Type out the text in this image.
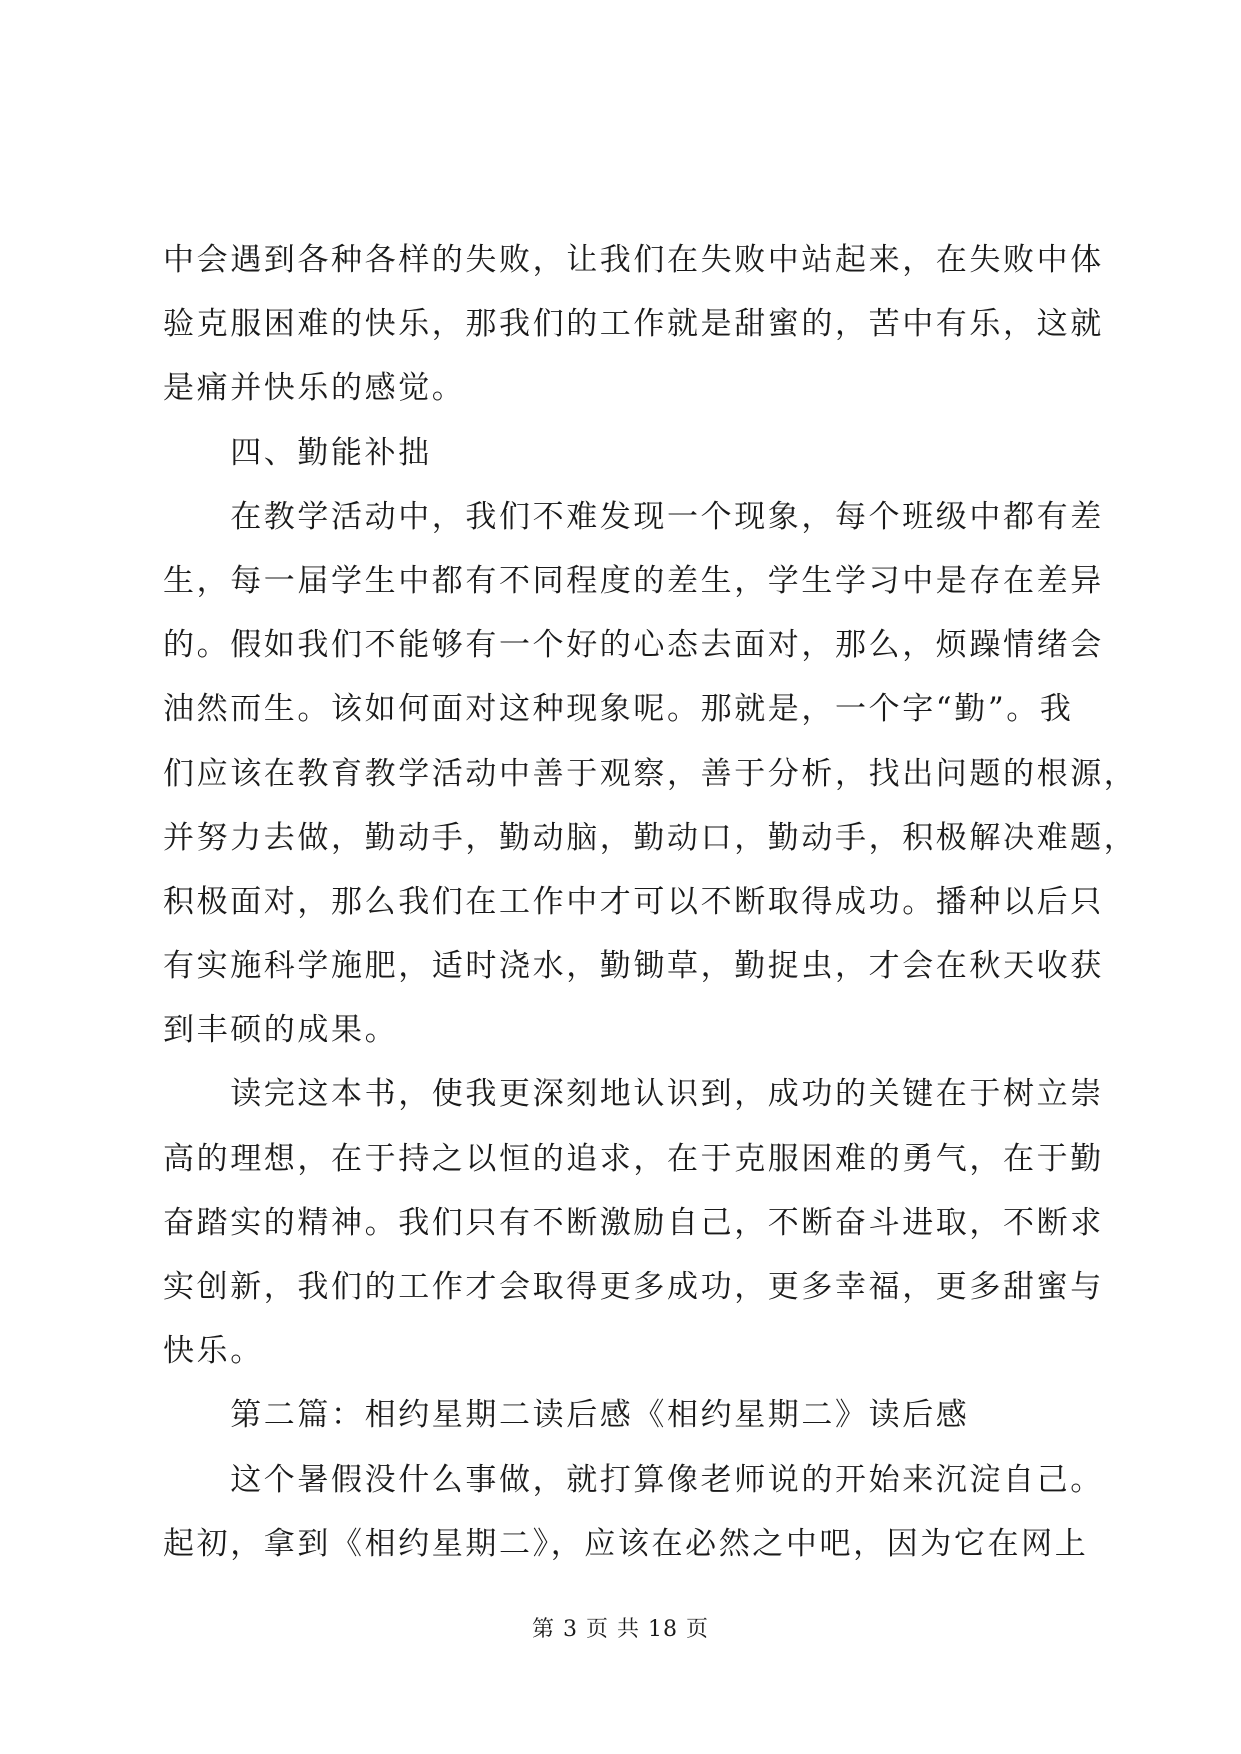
中会遇到各种各样的失败，让我们在失败中站起来，在失败中体
验克服困难的快乐，那我们的工作就是甜蜜的，苦中有乐，这就
是痛并快乐的感觉。
　　四、勤能补拙
　　在教学活动中，我们不难发现一个现象，每个班级中都有差
生，每一届学生中都有不同程度的差生，学生学习中是存在差异
的。假如我们不能够有一个好的心态去面对，那么，烦躁情绪会
油然而生。该如何面对这种现象呢。那就是，一个字“勤”。我
们应该在教育教学活动中善于观察，善于分析，找出问题的根源，
并努力去做，勤动手，勤动脑，勤动口，勤动手，积极解决难题，
积极面对，那么我们在工作中才可以不断取得成功。播种以后只
有实施科学施肥，适时浇水，勤锄草，勤捉虫，才会在秋天收获
到丰硕的成果。
　　读完这本书，使我更深刻地认识到，成功的关键在于树立崇
高的理想，在于持之以恒的追求，在于克服困难的勇气，在于勤
奋踏实的精神。我们只有不断激励自己，不断奋斗进取，不断求
实创新，我们的工作才会取得更多成功，更多幸福，更多甜蜜与
快乐。
　　第二篇：相约星期二读后感《相约星期二》读后感
　　这个暑假没什么事做，就打算像老师说的开始来沉淀自己。
起初，拿到《相约星期二》，应该在必然之中吧，因为它在网上
第 3 页 共 18 页
